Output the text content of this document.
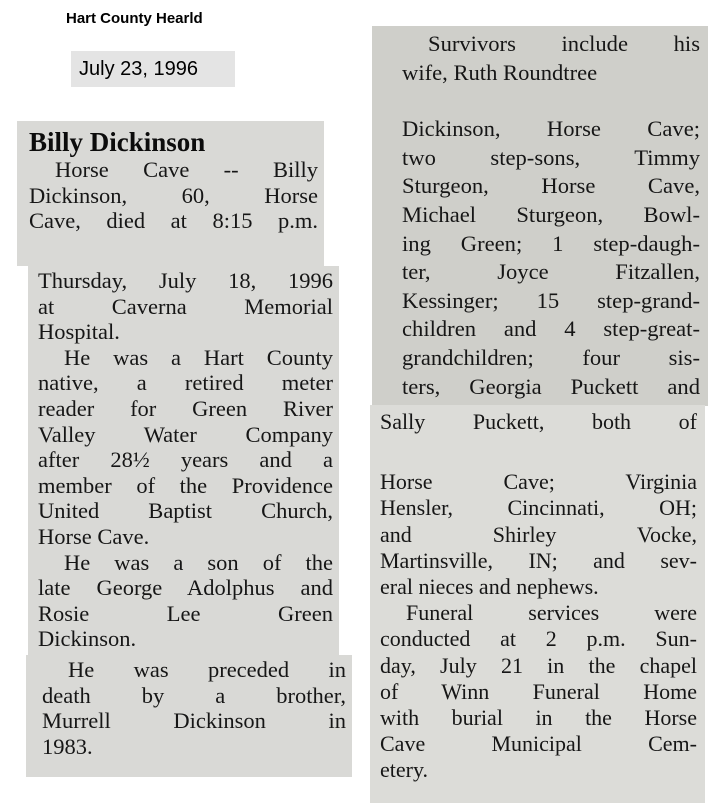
Hart County Hearld
July 23, 1996
Billy Dickinson
Horse Cave -- Billy
Dickinson, 60, Horse
Cave, died at 8:15 p.m.
Thursday, July 18, 1996
at Caverna Memorial
Hospital.
He was a Hart County
native, a retired meter
reader for Green River
Valley Water Company
after 28½ years and a
member of the Providence
United Baptist Church,
Horse Cave.
He was a son of the
late George Adolphus and
Rosie Lee Green
Dickinson.
He was preceded in
death by a brother,
Murrell Dickinson in
1983.
Survivors include his
wife, Ruth Roundtree
Dickinson, Horse Cave;
two step-sons, Timmy
Sturgeon, Horse Cave,
Michael Sturgeon, Bowl-
ing Green; 1 step-daugh-
ter, Joyce Fitzallen,
Kessinger; 15 step-grand-
children and 4 step-great-
grandchildren; four sis-
ters, Georgia Puckett and
Sally Puckett, both of
Horse Cave; Virginia
Hensler, Cincinnati, OH;
and Shirley Vocke,
Martinsville, IN; and sev-
eral nieces and nephews.
Funeral services were
conducted at 2 p.m. Sun-
day, July 21 in the chapel
of Winn Funeral Home
with burial in the Horse
Cave Municipal Cem-
etery.
